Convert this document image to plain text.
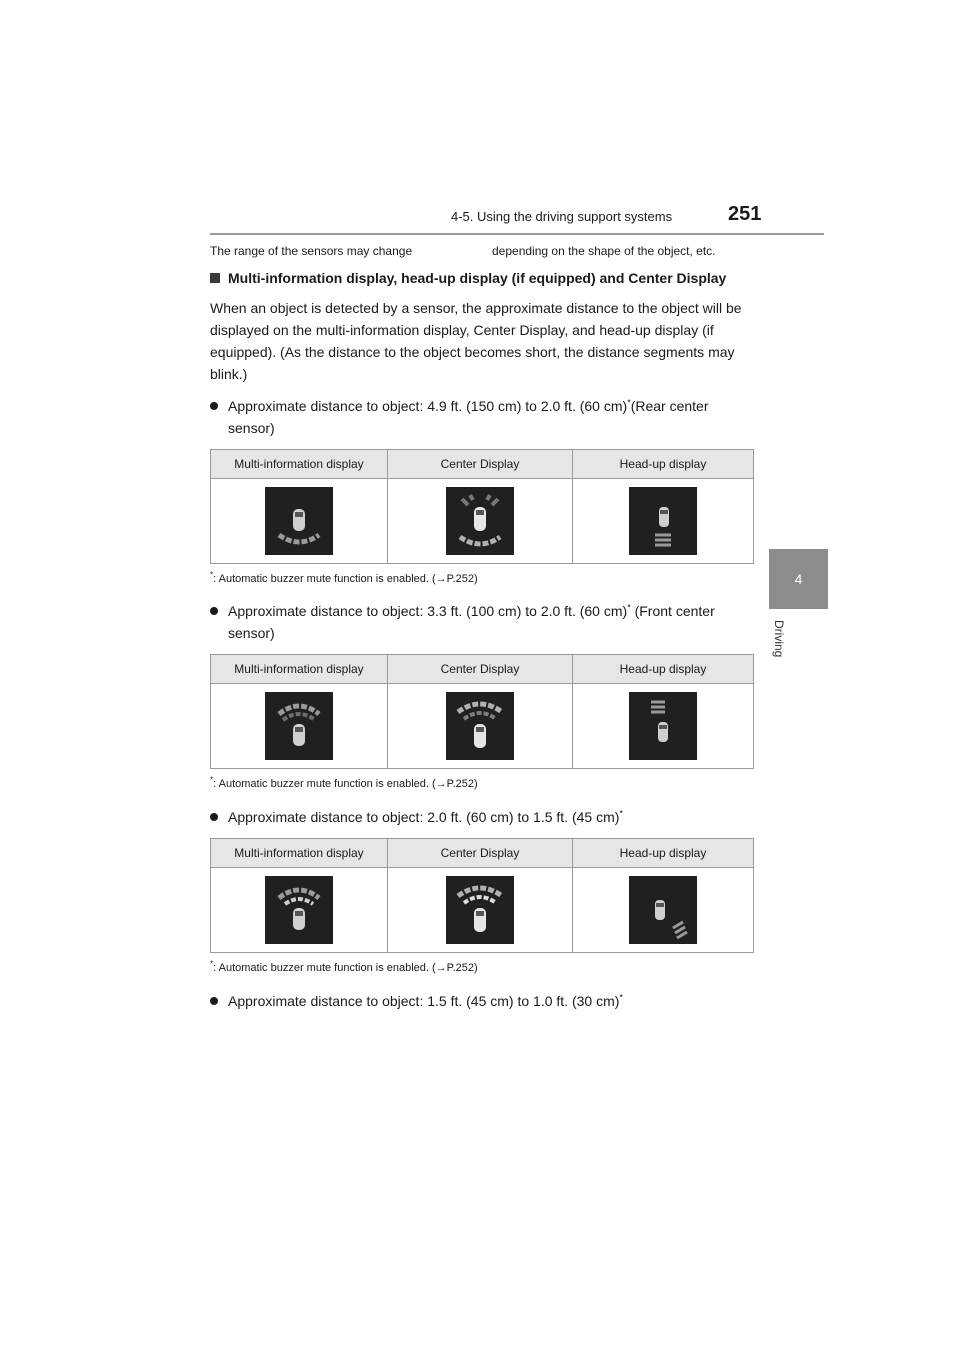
4-5. Using the driving support systems	251
4
Driving
The range of the sensors may change	depending on the shape of the object, etc.
Multi-information display, head-up display (if equipped) and Center Display
When an object is detected by a sensor, the approximate distance to the object will be displayed on the multi-information display, Center Display, and head-up display (if equipped). (As the distance to the object becomes short, the distance segments may blink.)
Approximate distance to object: 4.9 ft. (150 cm) to 2.0 ft. (60 cm)*(Rear center sensor)
Multi-information display	Center Display	Head-up display

*: Automatic buzzer mute function is enabled. (→P.252)
Approximate distance to object: 3.3 ft. (100 cm) to 2.0 ft. (60 cm)* (Front center sensor)
Multi-information display	Center Display	Head-up display

*: Automatic buzzer mute function is enabled. (→P.252)
Approximate distance to object: 2.0 ft. (60 cm) to 1.5 ft. (45 cm)*
Multi-information display	Center Display	Head-up display

*: Automatic buzzer mute function is enabled. (→P.252)
Approximate distance to object: 1.5 ft. (45 cm) to 1.0 ft. (30 cm)*
